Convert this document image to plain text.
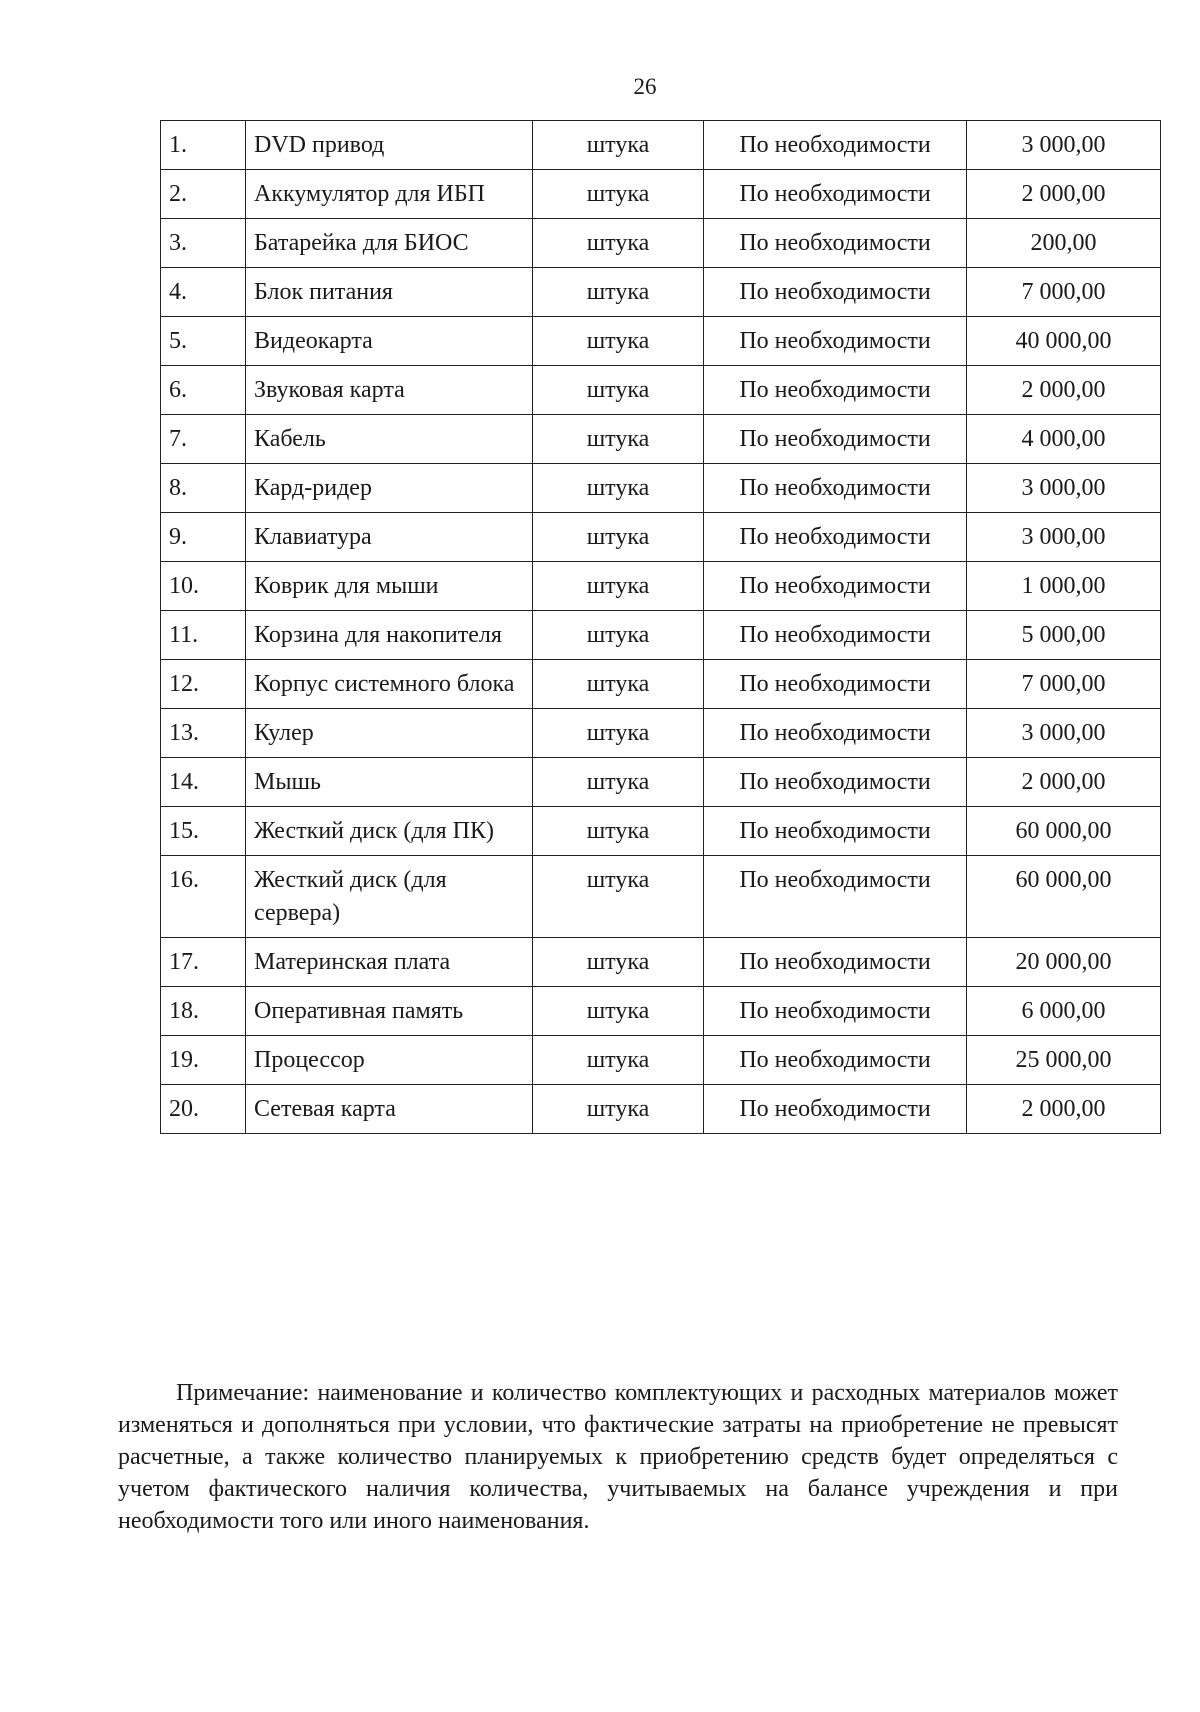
26
1.	DVD привод	штука	По необходимости	3 000,00
2.	Аккумулятор для ИБП	штука	По необходимости	2 000,00
3.	Батарейка для БИОС	штука	По необходимости	200,00
4.	Блок питания	штука	По необходимости	7 000,00
5.	Видеокарта	штука	По необходимости	40 000,00
6.	Звуковая карта	штука	По необходимости	2 000,00
7.	Кабель	штука	По необходимости	4 000,00
8.	Кард-ридер	штука	По необходимости	3 000,00
9.	Клавиатура	штука	По необходимости	3 000,00
10.	Коврик для мыши	штука	По необходимости	1 000,00
11.	Корзина для накопителя	штука	По необходимости	5 000,00
12.	Корпус системного блока	штука	По необходимости	7 000,00
13.	Кулер	штука	По необходимости	3 000,00
14.	Мышь	штука	По необходимости	2 000,00
15.	Жесткий диск (для ПК)	штука	По необходимости	60 000,00
16.	Жесткий диск (для сервера)	штука	По необходимости	60 000,00
17.	Материнская плата	штука	По необходимости	20 000,00
18.	Оперативная память	штука	По необходимости	6 000,00
19.	Процессор	штука	По необходимости	25 000,00
20.	Сетевая карта	штука	По необходимости	2 000,00
Примечание: наименование и количество комплектующих и расходных материалов может изменяться и дополняться при условии, что фактические затраты на приобретение не превысят расчетные, а также количество планируемых к приобретению средств будет определяться с учетом фактического наличия количества, учитываемых на балансе учреждения и при необходимости того или иного наименования.
